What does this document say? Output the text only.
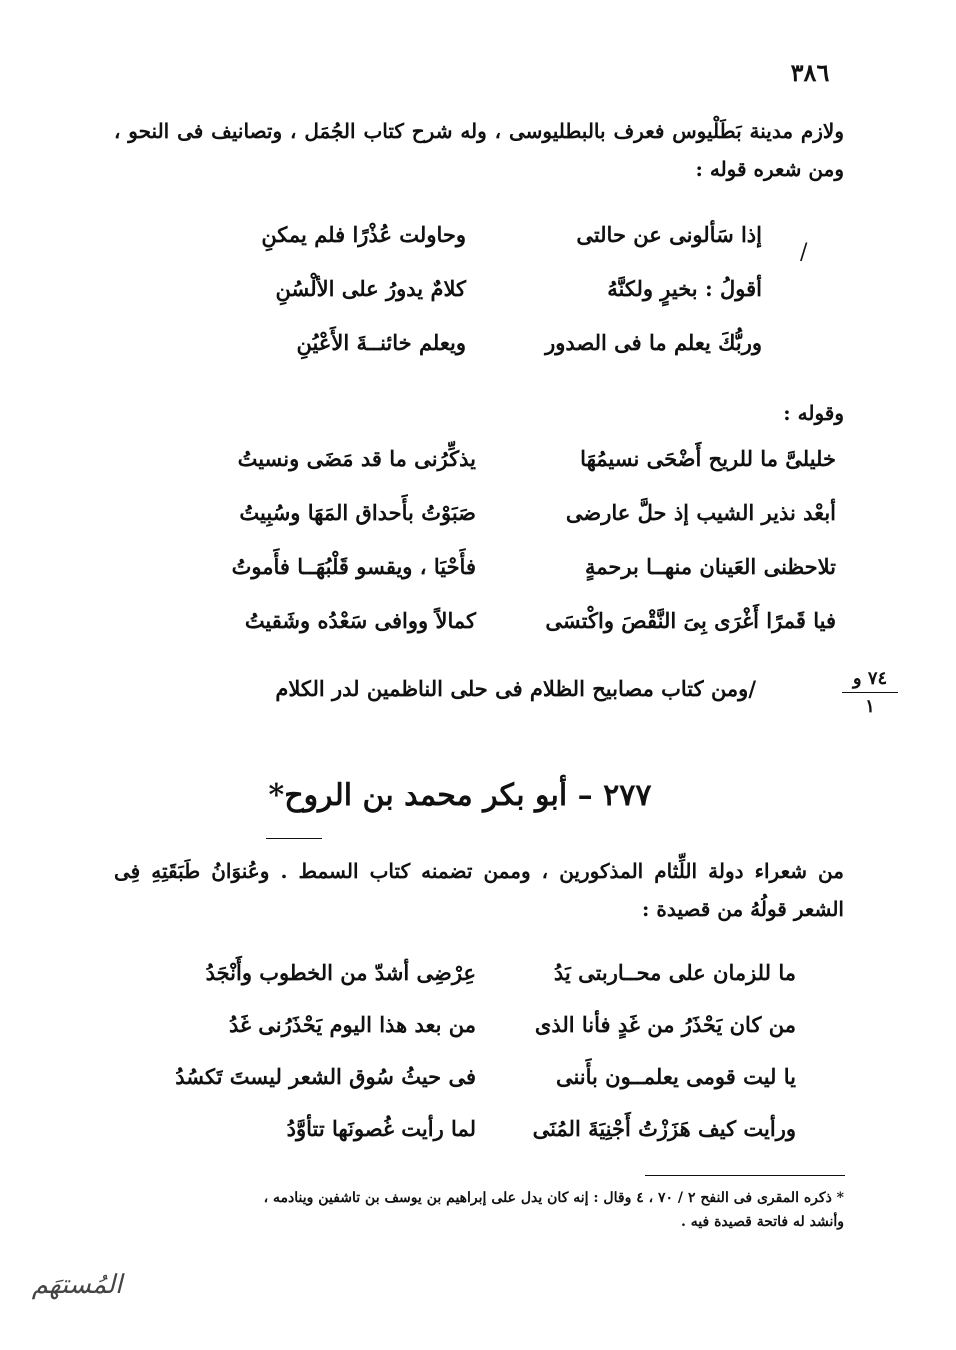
٣٨٦
ولازم مدينة بَطَلْيوس فعرف بالبطليوسى ، وله شرح كتاب الجُمَل ، وتصانيف فى النحو ، ومن شعره قوله :
/
إذا سَألونى عن حالتى
وحاولت عُذْرًا فلم يمكنِ
أقولُ : بخيرٍ ولكنَّهُ
كلامٌ يدورُ على الألْسُنِ
وربُّكَ يعلم ما فى الصدور
ويعلم خائنــةَ الأَعْيُنِ
وقوله :
خليلىَّ ما للريح أَضْحَى نسيمُهَا
يذكِّرُنى ما قد مَضَى ونسيتُ
أبعْد نذير الشيب إذ حلَّ عارضى
صَبَوْتُ بأَحداق المَهَا وسُبِيتُ
تلاحظنى العَينان منهــا برحمةٍ
فأَحْيَا ، ويقسو قَلْبُهَــا فأَموتُ
فيا قَمرًا أَغْرَى بِىَ النَّقْصَ واكْتسَى
كمالاً ووافى سَعْدُه وشَقيتُ
٧٤ و
١
/ومن كتاب مصابيح الظلام فى حلى الناظمين لدر الكلام
٢٧٧ – أبو بكر محمد بن الروح*
من شعراء دولة اللِّثام المذكورين ، وممن تضمنه كتاب السمط . وعُنوَانُ طَبَقَتِهِ فِى الشعر قولُهُ من قصيدة :
ما للزمان على محــاربتى يَدُ
عِرْضِى أشدّ من الخطوب وأَنْجَدُ
من كان يَحْذَرُ من غَدٍ فأنا الذى
من بعد هذا اليوم يَحْذَرُنى غَدُ
يا ليت قومى يعلمــون بأَننى
فى حيثُ سُوق الشعر ليستَ تَكسُدُ
ورأيت كيف هَزَزْتُ أَجْنِيَةَ المُنَى
لما رأيت غُصونَها تتأوَّدُ
* ذكره المقرى فى النفح ٢ / ٧٠ ، ٤ وقال : إنه كان يدل على إبراهيم بن يوسف بن تاشفين وينادمه ،
وأنشد له فاتحة قصيدة فيه .
المُستهَم
